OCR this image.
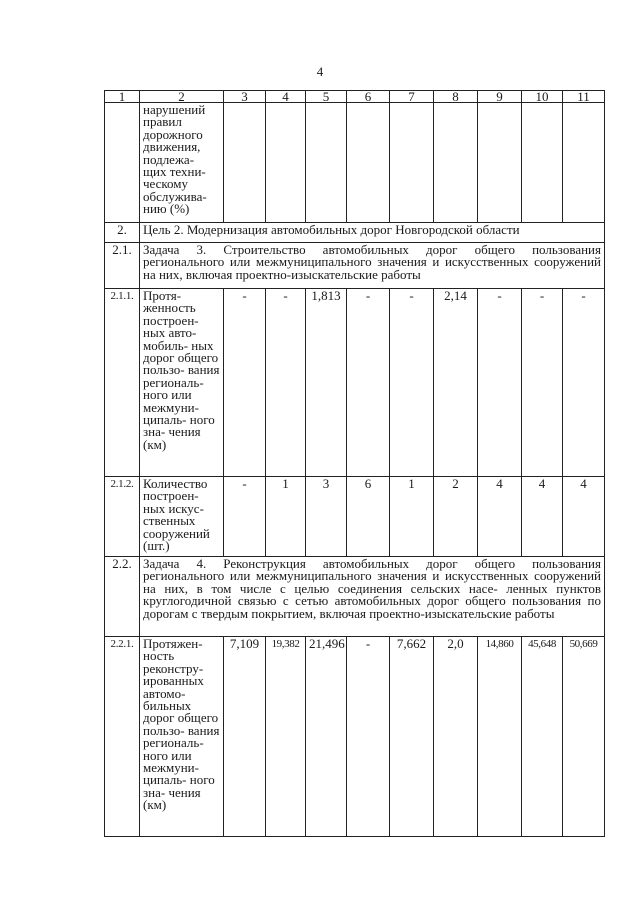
4
1	2	3	4	5	6	7	8	9	10	11
	нарушений правил дорожного движения, подлежа- щих техни- ческому обслужива- нию (%)									
2.	Цель 2. Модернизация автомобильных дорог Новгородской области									
2.1.	Задача 3. Строительство автомобильных дорог общего пользования регионального или межмуниципального значения и искусственных сооружений на них, включая проектно-изыскательские работы									
2.1.1.	Протя- женность построен- ных авто- мобиль- ных дорог общего пользо- вания региональ- ного или межмуни- ципаль- ного зна- чения (км)	-	-	1,813	-	-	2,14	-	-	-
2.1.2.	Количество построен- ных искус- ственных сооружений (шт.)	-	1	3	6	1	2	4	4	4
2.2.	Задача 4. Реконструкция автомобильных дорог общего пользования регионального или межмуниципального значения и искусственных сооружений на них, в том числе с целью соединения сельских насе- ленных пунктов круглогодичной связью с сетью автомобильных дорог общего пользования по дорогам с твердым покрытием, включая проектно-изыскательские работы									
2.2.1.	Протяжен- ность реконстру- ированных автомо- бильных дорог общего пользо- вания региональ- ного или межмуни- ципаль- ного зна- чения (км)	7,109	19,382	21,496	-	7,662	2,0	14,860	45,648	50,669
